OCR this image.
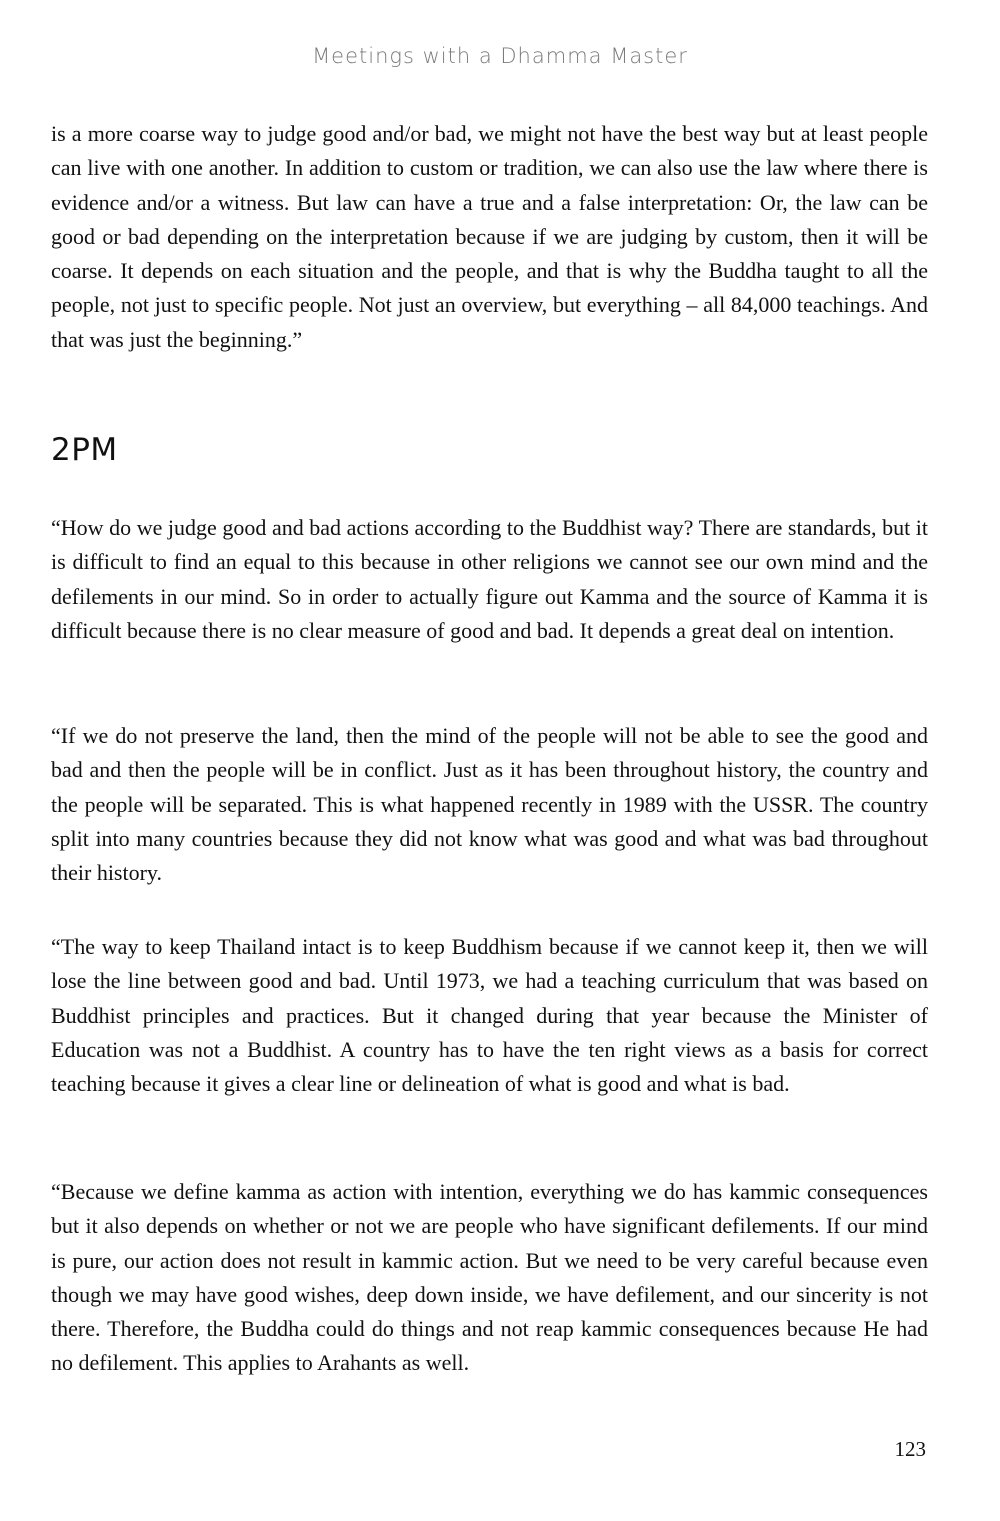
Meetings with a Dhamma Master

is a more coarse way to judge good and/or bad, we might not have the best way but at least people can live with one another. In addition to custom or tradition, we can also use the law where there is evidence and/or a witness. But law can have a true and a false interpretation: Or, the law can be good or bad depending on the interpretation because if we are judging by custom, then it will be coarse. It depends on each situation and the people, and that is why the Buddha taught to all the people, not just to specific people. Not just an overview, but everything – all 84,000 teachings. And that was just the beginning.”

2PM

“How do we judge good and bad actions according to the Buddhist way? There are standards, but it is difficult to find an equal to this because in other religions we cannot see our own mind and the defilements in our mind. So in order to actually figure out Kamma and the source of Kamma it is difficult because there is no clear measure of good and bad. It depends a great deal on intention.

“If we do not preserve the land, then the mind of the people will not be able to see the good and bad and then the people will be in conflict. Just as it has been throughout history, the country and the people will be separated. This is what happened recently in 1989 with the USSR. The country split into many countries because they did not know what was good and what was bad throughout their history.

“The way to keep Thailand intact is to keep Buddhism because if we cannot keep it, then we will lose the line between good and bad. Until 1973, we had a teaching curriculum that was based on Buddhist principles and practices. But it changed during that year because the Minister of Education was not a Buddhist. A country has to have the ten right views as a basis for correct teaching because it gives a clear line or delineation of what is good and what is bad.

“Because we define kamma as action with intention, everything we do has kammic consequences but it also depends on whether or not we are people who have significant defilements. If our mind is pure, our action does not result in kammic action. But we need to be very careful because even though we may have good wishes, deep down inside, we have defilement, and our sincerity is not there. Therefore, the Buddha could do things and not reap kammic consequences because He had no defilement. This applies to Arahants as well.

123
